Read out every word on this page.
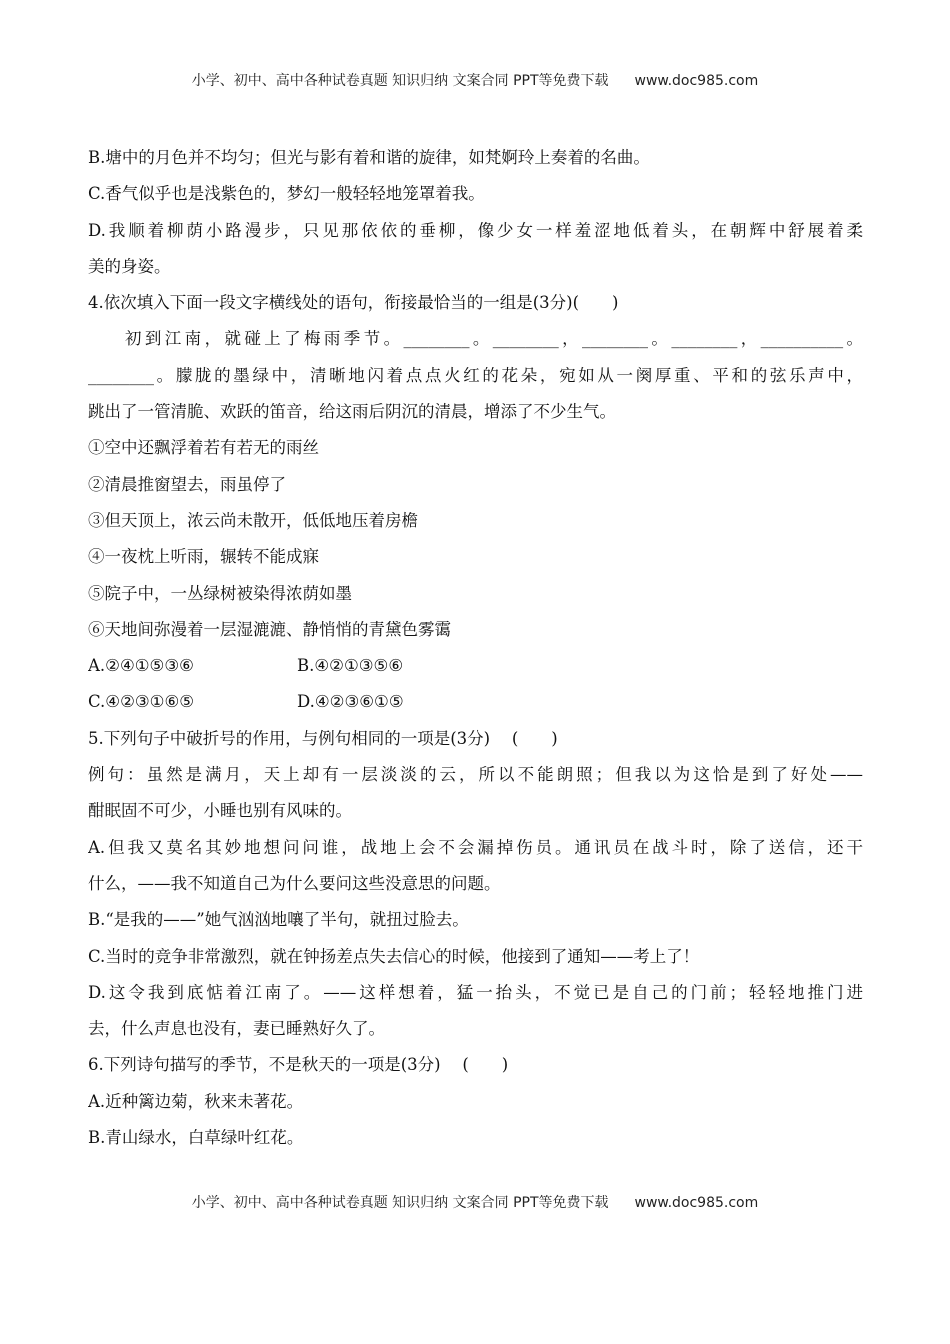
小学、初中、高中各种试卷真题 知识归纳 文案合同 PPT等免费下载 www.doc985.com
B.塘中的月色并不均匀；但光与影有着和谐的旋律，如梵婀玲上奏着的名曲。
C.香气似乎也是浅紫色的，梦幻一般轻轻地笼罩着我。
D.我顺着柳荫小路漫步，只见那依依的垂柳，像少女一样羞涩地低着头，在朝辉中舒展着柔
美的身姿。
4.依次填入下面一段文字横线处的语句，衔接最恰当的一组是(3分)(　　)
初到江南，就碰上了梅雨季节。________。________，________。________，__________。
________。朦胧的墨绿中，清晰地闪着点点火红的花朵，宛如从一阕厚重、平和的弦乐声中，
跳出了一管清脆、欢跃的笛音，给这雨后阴沉的清晨，增添了不少生气。
①空中还飘浮着若有若无的雨丝
②清晨推窗望去，雨虽停了
③但天顶上，浓云尚未散开，低低地压着房檐
④一夜枕上听雨，辗转不能成寐
⑤院子中，一丛绿树被染得浓荫如墨
⑥天地间弥漫着一层湿漉漉、静悄悄的青黛色雾霭
A.②④①⑤③⑥	B.④②①③⑤⑥
C.④②③①⑥⑤	D.④②③⑥①⑤
5.下列句子中破折号的作用，与例句相同的一项是(3分)　 (　　)
例句：虽然是满月，天上却有一层淡淡的云，所以不能朗照；但我以为这恰是到了好处——
酣眠固不可少，小睡也别有风味的。
A.但我又莫名其妙地想问问谁，战地上会不会漏掉伤员。通讯员在战斗时，除了送信，还干
什么，——我不知道自己为什么要问这些没意思的问题。
B.“是我的——”她气汹汹地嚷了半句，就扭过脸去。
C.当时的竞争非常激烈，就在钟扬差点失去信心的时候，他接到了通知——考上了！
D.这令我到底惦着江南了。——这样想着，猛一抬头，不觉已是自己的门前；轻轻地推门进
去，什么声息也没有，妻已睡熟好久了。
6.下列诗句描写的季节，不是秋天的一项是(3分)　 (　　)
A.近种篱边菊，秋来未著花。
B.青山绿水，白草绿叶红花。
小学、初中、高中各种试卷真题 知识归纳 文案合同 PPT等免费下载 www.doc985.com
